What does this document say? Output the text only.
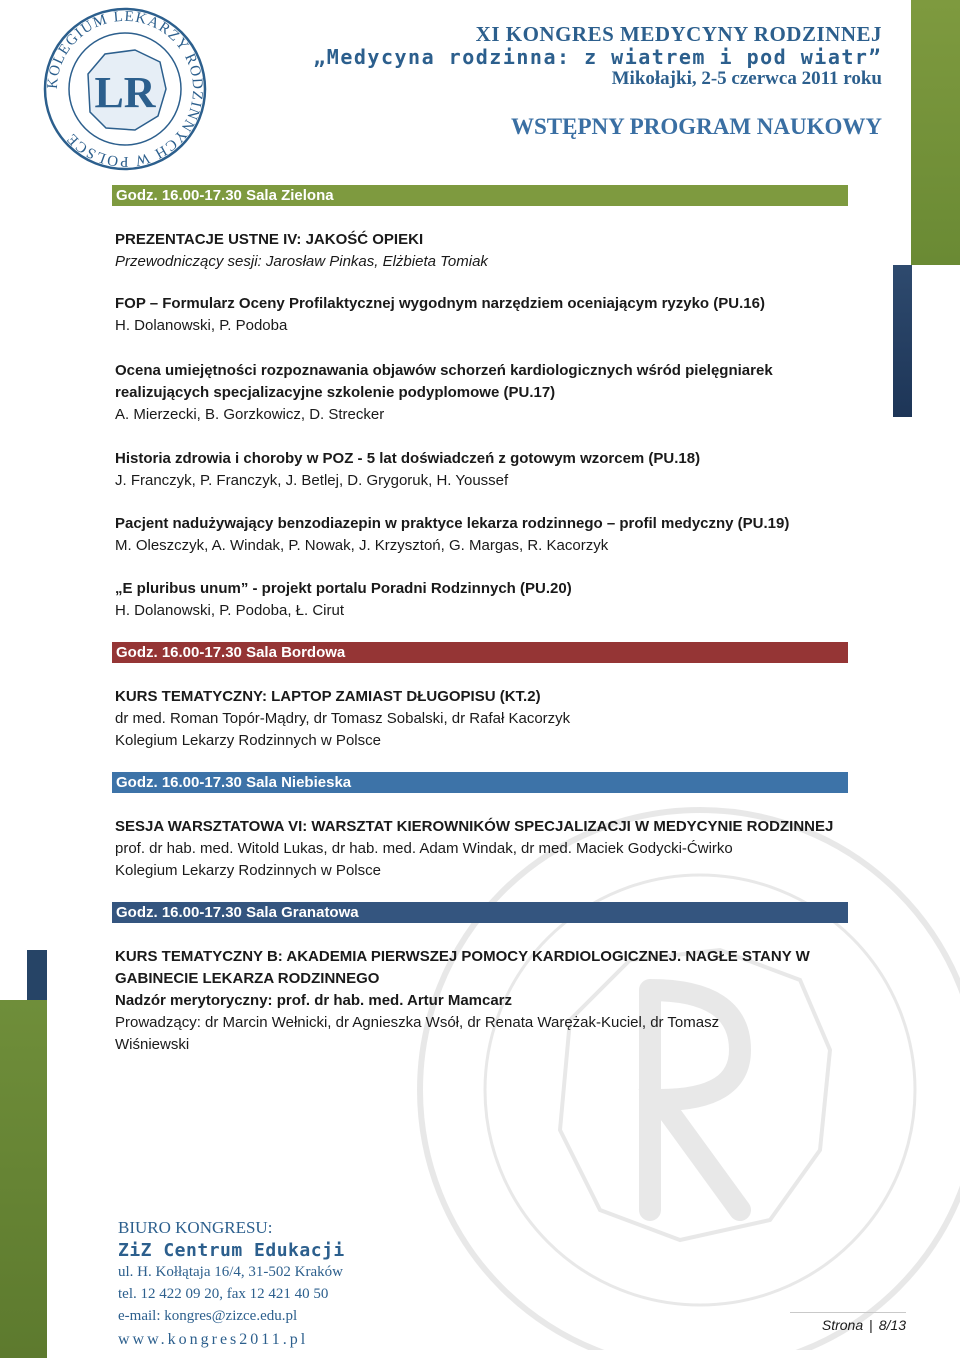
KOLEGIUM LEKARZY RODZINNYCH W POLSCE
LR
XI KONGRES MEDYCYNY RODZINNEJ
„Medycyna rodzinna: z wiatrem i pod wiatr”
Mikołajki, 2-5 czerwca 2011 roku
WSTĘPNY PROGRAM NAUKOWY
Godz. 16.00-17.30 Sala Zielona
PREZENTACJE USTNE IV: JAKOŚĆ OPIEKI
Przewodniczący sesji: Jarosław Pinkas, Elżbieta Tomiak
FOP – Formularz Oceny Profilaktycznej wygodnym narzędziem oceniającym ryzyko (PU.16)
H. Dolanowski, P. Podoba
Ocena umiejętności rozpoznawania objawów schorzeń kardiologicznych wśród pielęgniarek
realizujących specjalizacyjne szkolenie podyplomowe (PU.17)
A. Mierzecki, B. Gorzkowicz, D. Strecker
Historia zdrowia i choroby w POZ - 5 lat doświadczeń z gotowym wzorcem (PU.18)
J. Franczyk, P. Franczyk, J. Betlej, D. Grygoruk, H. Youssef
Pacjent nadużywający benzodiazepin w praktyce lekarza rodzinnego – profil medyczny (PU.19)
M. Oleszczyk, A. Windak, P. Nowak, J. Krzysztoń, G. Margas, R. Kacorzyk
„E pluribus unum” - projekt portalu Poradni Rodzinnych (PU.20)
H. Dolanowski, P. Podoba, Ł. Cirut
Godz. 16.00-17.30 Sala Bordowa
KURS TEMATYCZNY: LAPTOP ZAMIAST DŁUGOPISU (KT.2)
dr med. Roman Topór-Mądry, dr Tomasz Sobalski, dr Rafał Kacorzyk
Kolegium Lekarzy Rodzinnych w Polsce
Godz. 16.00-17.30 Sala Niebieska
SESJA WARSZTATOWA VI: WARSZTAT KIEROWNIKÓW SPECJALIZACJI W MEDYCYNIE RODZINNEJ
prof. dr hab. med. Witold Lukas, dr hab. med. Adam Windak, dr med. Maciek Godycki-Ćwirko
Kolegium Lekarzy Rodzinnych w Polsce
Godz. 16.00-17.30 Sala Granatowa
KURS TEMATYCZNY B: AKADEMIA PIERWSZEJ POMOCY KARDIOLOGICZNEJ. NAGŁE STANY W
GABINECIE LEKARZA RODZINNEGO
Nadzór merytoryczny: prof. dr hab. med. Artur Mamcarz
Prowadzący: dr Marcin Wełnicki, dr Agnieszka Wsół, dr Renata Warężak-Kuciel, dr Tomasz
Wiśniewski
BIURO KONGRESU:
ZiZ Centrum Edukacji
ul. H. Kołłątaja 16/4, 31-502 Kraków
tel. 12 422 09 20, fax 12 421 40 50
e-mail: kongres@zizce.edu.pl
www.kongres2011.pl
Strona | 8/13
